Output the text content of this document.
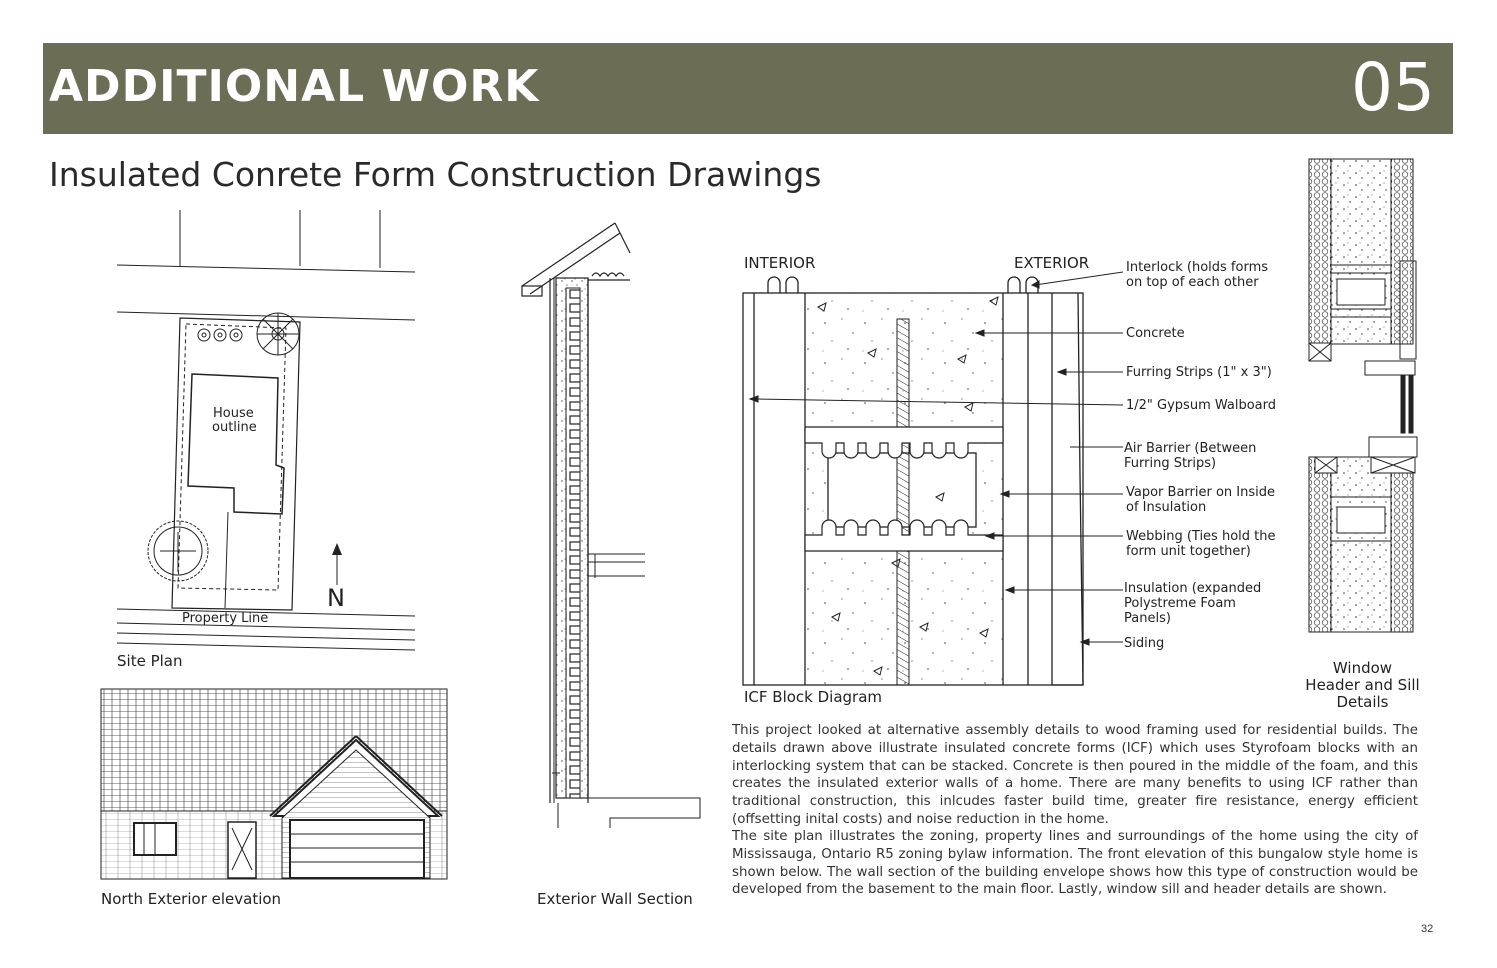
ADDITIONAL WORK	05
Insulated Conrete Form Construction Drawings
House
outline
Property Line
N
Site Plan
North Exterior elevation	Exterior Wall Section
INTERIOR	EXTERIOR
ICF Block Diagram
Interlock (holds forms
on top of each other
Concrete
Furring Strips (1" x 3")
1/2" Gypsum Walboard
Air Barrier (Between
Furring Strips)
Vapor Barrier on Inside
of Insulation
Webbing (Ties hold the
form unit together)
Insulation (expanded
Polystreme Foam
Panels)
Siding
Window
Header and Sill
Details
This project looked at alternative assembly details to wood framing used for residential builds. The details drawn above illustrate insulated concrete forms (ICF) which uses Styrofoam blocks with an interlocking system that can be stacked. Concrete is then poured in the middle of the foam, and this creates the insulated exterior walls of a home. There are many benefits to using ICF rather than traditional construction, this inlcudes faster build time, greater fire resistance, energy efficient (offsetting inital costs) and noise reduction in the home.
The site plan illustrates the zoning, property lines and surroundings of the home using the city of Mississauga, Ontario R5 zoning bylaw information. The front elevation of this bungalow style home is shown below. The wall section of the building envelope shows how this type of construction would be developed from the basement to the main floor. Lastly, window sill and header details are shown.
32
